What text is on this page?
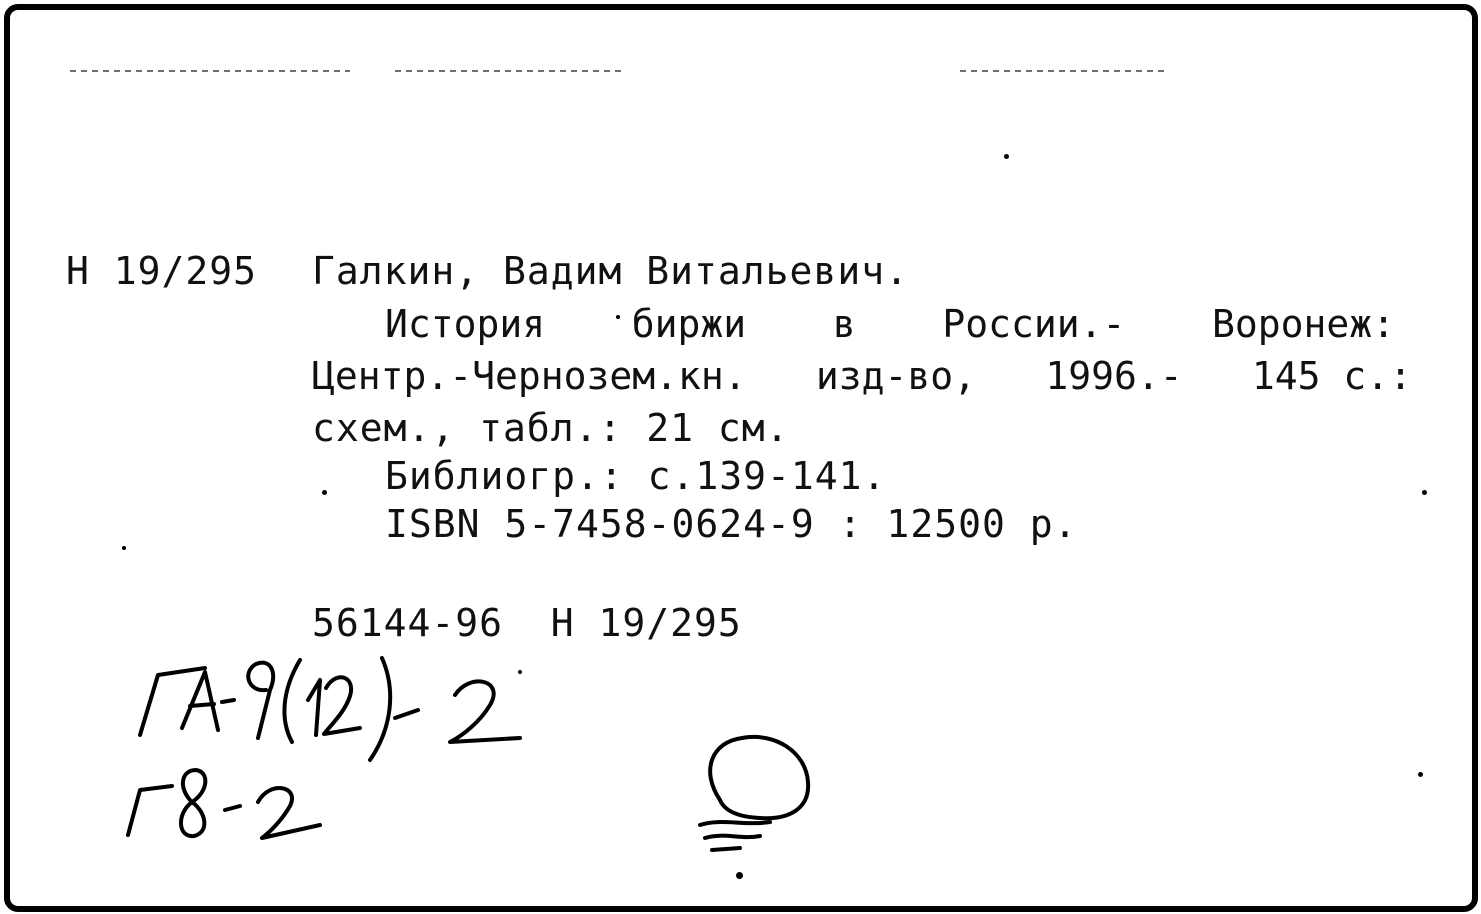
Н 19/295 Галкин, Вадим Витальевич.
История биржи в России.- Воронеж:
Центр.-Чернозем.кн. изд-во, 1996.- 145 с.:
схем., табл.: 21 см.
Библиогр.: с.139-141.
ISBN 5-7458-0624-9 : 12500 р.
56144-96  Н 19/295
